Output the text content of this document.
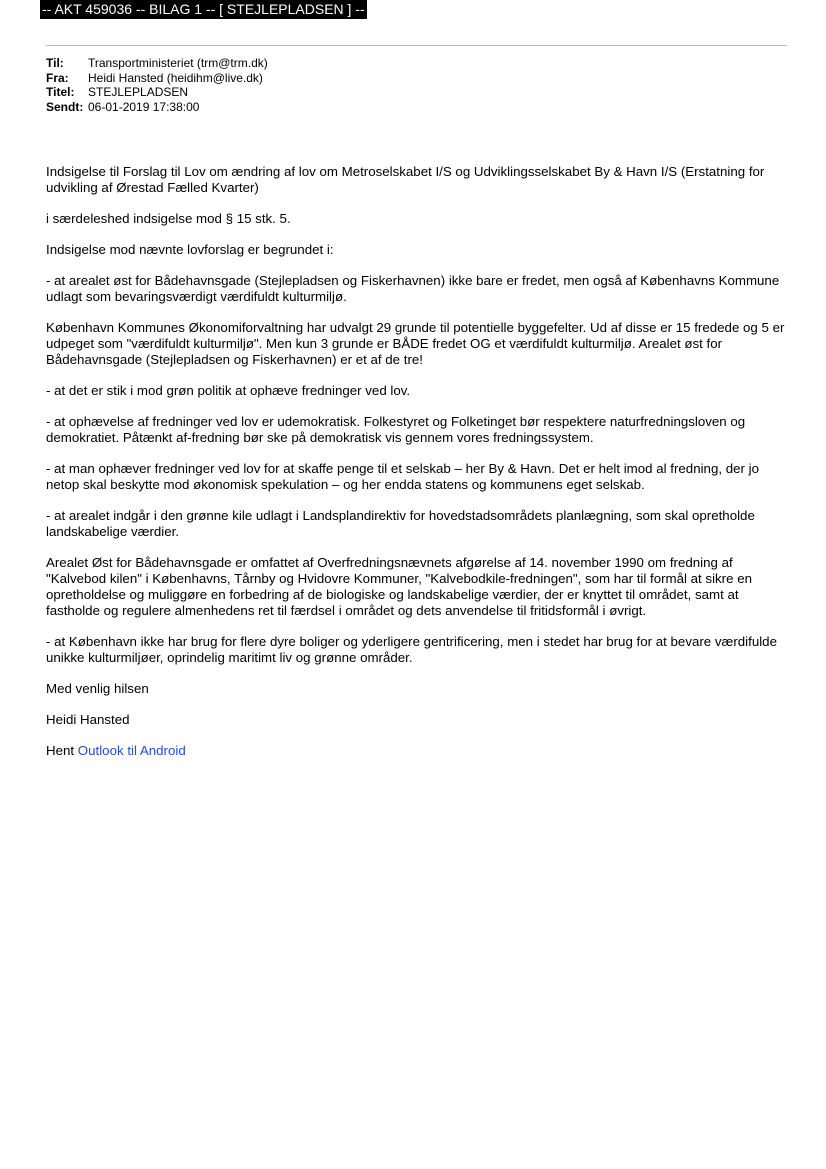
-- AKT 459036 -- BILAG 1 -- [ STEJLEPLADSEN ] --
Til:	Transportministeriet (trm@trm.dk)
Fra:	Heidi Hansted (heidihm@live.dk)
Titel:	STEJLEPLADSEN
Sendt: 06-01-2019 17:38:00

Indsigelse til Forslag til Lov om ændring af lov om Metroselskabet I/S og Udviklingsselskabet By & Havn I/S (Erstatning for udvikling af Ørestad Fælled Kvarter)

i særdeleshed indsigelse mod § 15 stk. 5.

Indsigelse mod nævnte lovforslag er begrundet i:

- at arealet øst for Bådehavnsgade (Stejlepladsen og Fiskerhavnen) ikke bare er fredet, men også af Københavns Kommune udlagt som bevaringsværdigt værdifuldt kulturmiljø.

København Kommunes Økonomiforvaltning har udvalgt 29 grunde til potentielle byggefelter. Ud af disse er 15 fredede og 5 er udpeget som "værdifuldt kulturmiljø". Men kun 3 grunde er BÅDE fredet OG et værdifuldt kulturmiljø. Arealet øst for Bådehavnsgade (Stejlepladsen og Fiskerhavnen) er et af de tre!

- at det er stik i mod grøn politik at ophæve fredninger ved lov.

- at ophævelse af fredninger ved lov er udemokratisk. Folkestyret og Folketinget bør respektere naturfredningsloven og demokratiet. Påtænkt af-fredning bør ske på demokratisk vis gennem vores fredningssystem.

- at man ophæver fredninger ved lov for at skaffe penge til et selskab – her By & Havn. Det er helt imod al fredning, der jo netop skal beskytte mod økonomisk spekulation – og her endda statens og kommunens eget selskab.

- at arealet indgår i den grønne kile udlagt i Landsplandirektiv for hovedstadsområdets planlægning, som skal opretholde landskabelige værdier.

Arealet Øst for Bådehavnsgade er omfattet af Overfredningsnævnets afgørelse af 14. november 1990 om fredning af "Kalvebod kilen" i Københavns, Tårnby og Hvidovre Kommuner, "Kalvebodkile-fredningen", som har til formål at sikre en opretholdelse og muliggøre en forbedring af de biologiske og landskabelige værdier, der er knyttet til området, samt at fastholde og regulere almenhedens ret til færdsel i området og dets anvendelse til fritidsformål i øvrigt.

- at København ikke har brug for flere dyre boliger og yderligere gentrificering, men i stedet har brug for at bevare værdifulde unikke kulturmiljøer, oprindelig maritimt liv og grønne områder.

Med venlig hilsen

Heidi Hansted

Hent Outlook til Android
